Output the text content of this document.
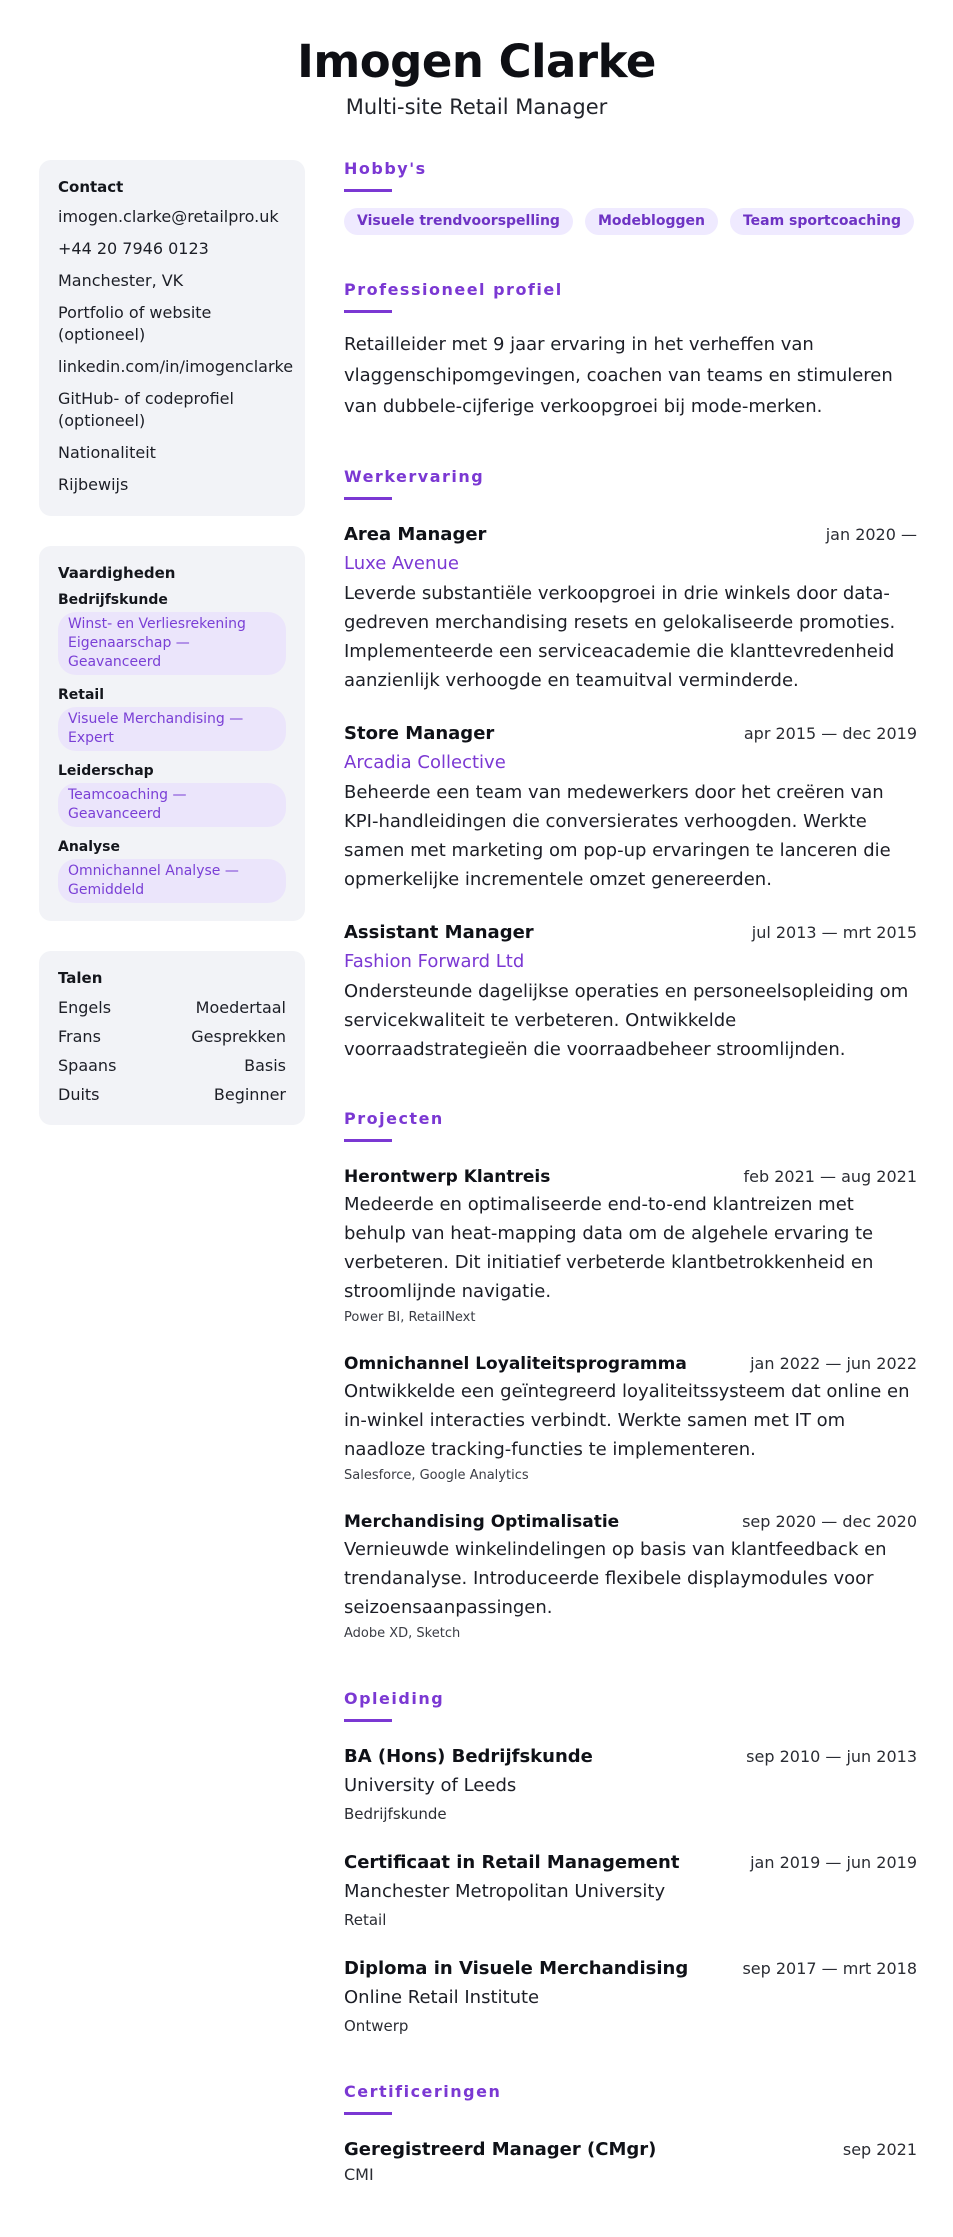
Imogen Clarke
Multi-site Retail Manager
Contact
imogen.clarke@retailpro.uk
+44 20 7946 0123
Manchester, VK
Portfolio of website (optioneel)
linkedin.com/in/imogenclarke
GitHub- of codeprofiel (optioneel)
Nationaliteit
Rijbewijs
Vaardigheden
Bedrijfskunde
Winst- en Verliesrekening Eigenaarschap — Geavanceerd
Retail
Visuele Merchandising — Expert
Leiderschap
Teamcoaching — Geavanceerd
Analyse
Omnichannel Analyse — Gemiddeld
Talen
Engels	Moedertaal
Frans	Gesprekken
Spaans	Basis
Duits	Beginner
Hobby's
Visuele trendvoorspelling	Modebloggen	Team sportcoaching
Professioneel profiel

Retailleider met 9 jaar ervaring in het verheffen van vlaggenschipomgevingen, coachen van teams en stimuleren van dubbele-cijferige verkoopgroei bij mode-merken.

Werkervaring
Area Manager	jan 2020 —
Luxe Avenue
Leverde substantiële verkoopgroei in drie winkels door data-gedreven merchandising resets en gelokaliseerde promoties. Implementeerde een serviceacademie die klanttevredenheid aanzienlijk verhoogde en teamuitval verminderde.
Store Manager	apr 2015 — dec 2019
Arcadia Collective
Beheerde een team van medewerkers door het creëren van KPI-handleidingen die conversierates verhoogden. Werkte samen met marketing om pop-up ervaringen te lanceren die opmerkelijke incrementele omzet genereerden.
Assistant Manager	jul 2013 — mrt 2015
Fashion Forward Ltd
Ondersteunde dagelijkse operaties en personeelsopleiding om servicekwaliteit te verbeteren. Ontwikkelde voorraadstrategieën die voorraadbeheer stroomlijnden.
Projecten
Herontwerp Klantreis	feb 2021 — aug 2021
Medeerde en optimaliseerde end-to-end klantreizen met behulp van heat-mapping data om de algehele ervaring te verbeteren. Dit initiatief verbeterde klantbetrokkenheid en stroomlijnde navigatie.
Power BI, RetailNext
Omnichannel Loyaliteitsprogramma	jan 2022 — jun 2022
Ontwikkelde een geïntegreerd loyaliteitssysteem dat online en in-winkel interacties verbindt. Werkte samen met IT om naadloze tracking-functies te implementeren.
Salesforce, Google Analytics
Merchandising Optimalisatie	sep 2020 — dec 2020
Vernieuwde winkelindelingen op basis van klantfeedback en trendanalyse. Introduceerde flexibele displaymodules voor seizoensaanpassingen.
Adobe XD, Sketch
Opleiding
BA (Hons) Bedrijfskunde	sep 2010 — jun 2013
University of Leeds
Bedrijfskunde
Certificaat in Retail Management	jan 2019 — jun 2019
Manchester Metropolitan University
Retail
Diploma in Visuele Merchandising	sep 2017 — mrt 2018
Online Retail Institute
Ontwerp
Certificeringen
Geregistreerd Manager (CMgr)	sep 2021
CMI
